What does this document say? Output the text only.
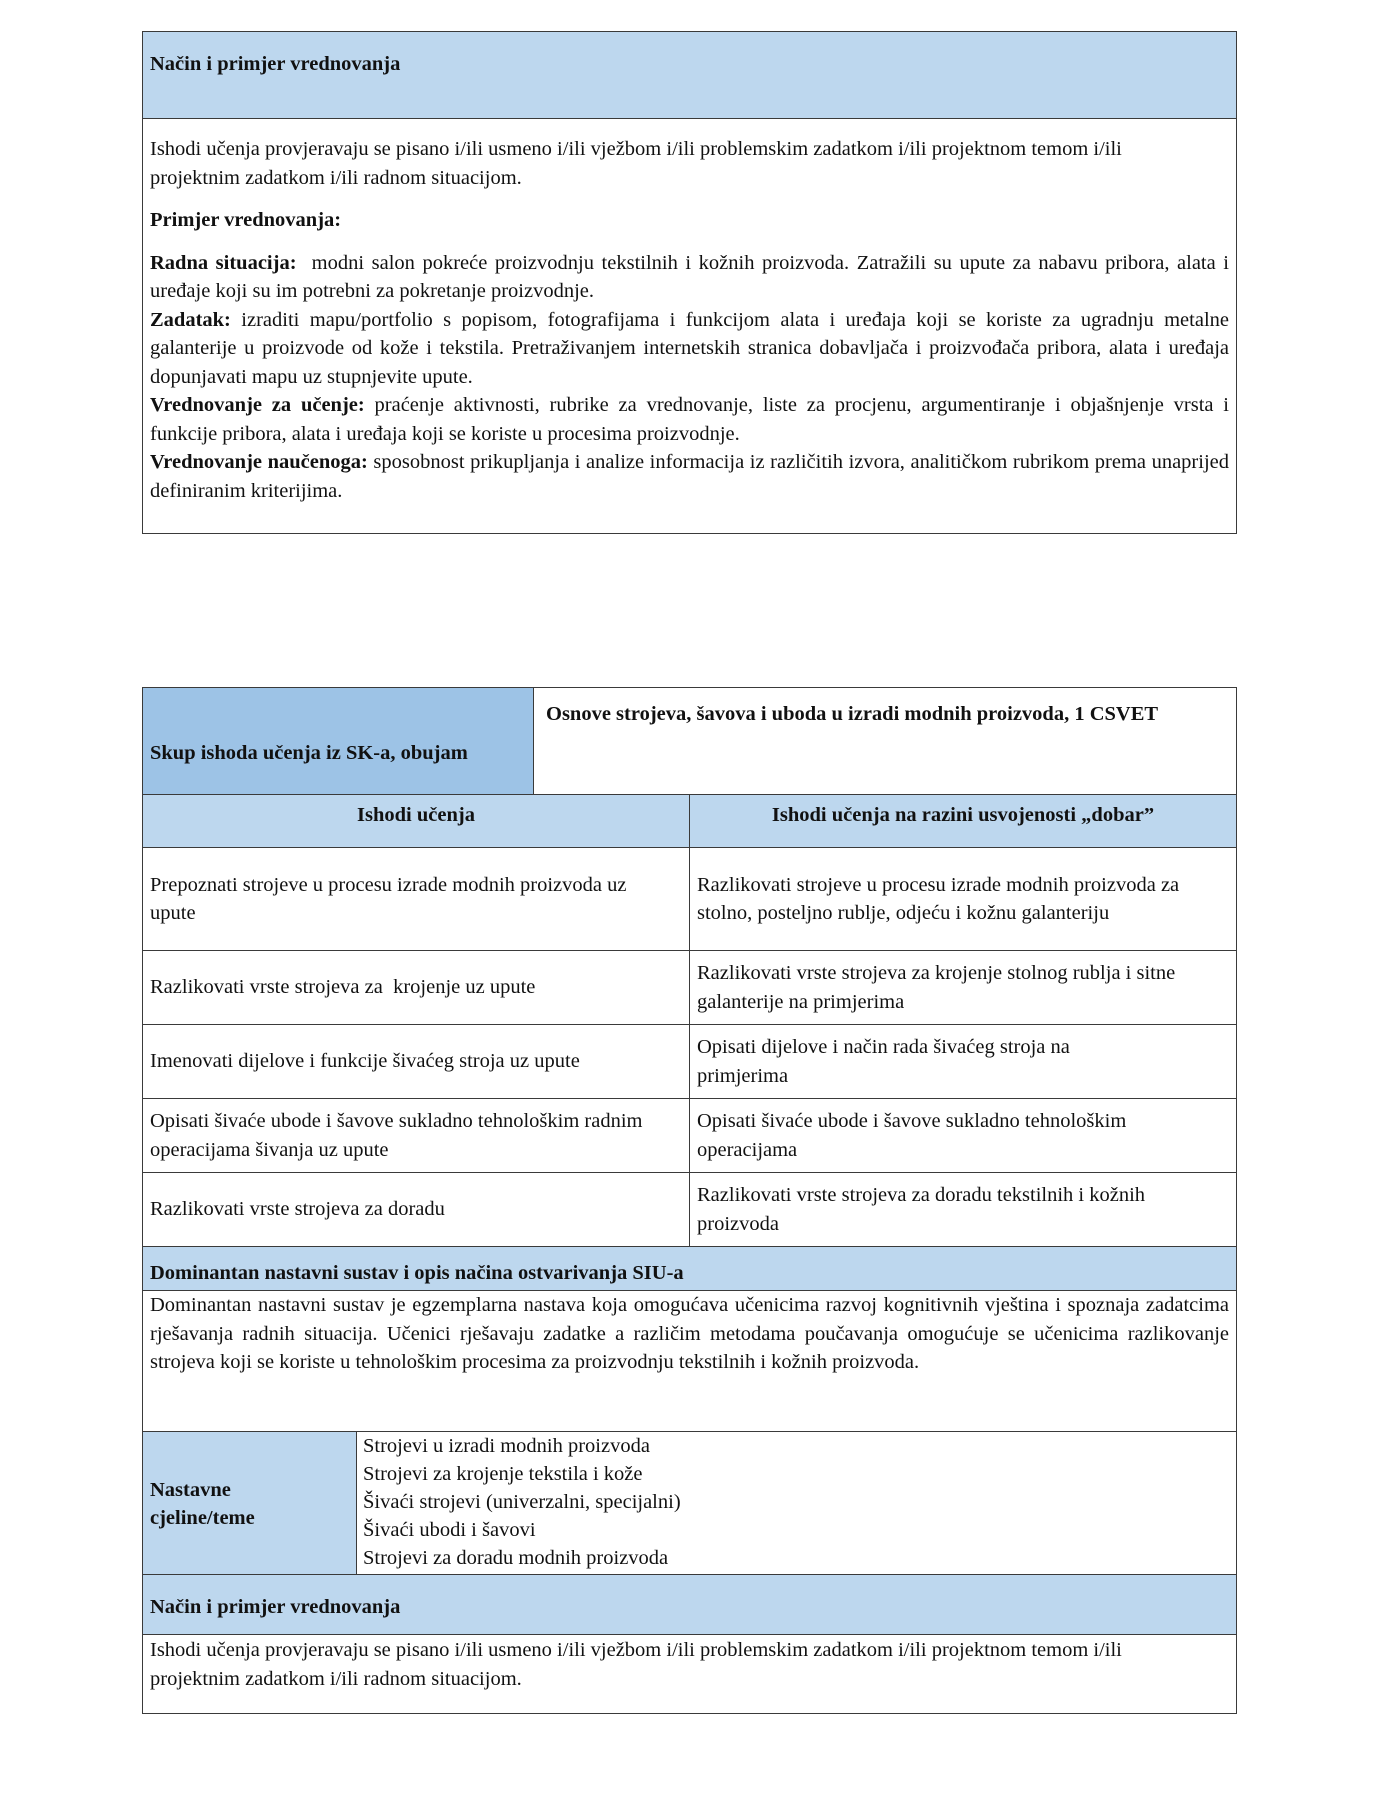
Način i primjer vrednovanja
Ishodi učenja provjeravaju se pisano i/ili usmeno i/ili vježbom i/ili problemskim zadatkom i/ili projektnom temom i/ili projektnim zadatkom i/ili radnom situacijom.
Primjer vrednovanja:
Radna situacija:  modni salon pokreće proizvodnju tekstilnih i kožnih proizvoda. Zatražili su upute za nabavu pribora, alata i uređaje koji su im potrebni za pokretanje proizvodnje.
Zadatak: izraditi mapu/portfolio s popisom, fotografijama i funkcijom alata i uređaja koji se koriste za ugradnju metalne galanterije u proizvode od kože i tekstila. Pretraživanjem internetskih stranica dobavljača i proizvođača pribora, alata i uređaja dopunjavati mapu uz stupnjevite upute.
Vrednovanje za učenje: praćenje aktivnosti, rubrike za vrednovanje, liste za procjenu, argumentiranje i objašnjenje vrsta i funkcije pribora, alata i uređaja koji se koriste u procesima proizvodnje.
Vrednovanje naučenoga: sposobnost prikupljanja i analize informacija iz različitih izvora, analitičkom rubrikom prema unaprijed definiranim kriterijima.
Skup ishoda učenja iz SK-a, obujam
Osnove strojeva, šavova i uboda u izradi modnih proizvoda, 1 CSVET
Ishodi učenja	Ishodi učenja na razini usvojenosti „dobar”
Prepoznati strojeve u procesu izrade modnih proizvoda uz upute
Razlikovati strojeve u procesu izrade modnih proizvoda za stolno, posteljno rublje, odjeću i kožnu galanteriju
Razlikovati vrste strojeva za  krojenje uz upute
Razlikovati vrste strojeva za krojenje stolnog rublja i sitne galanterije na primjerima
Imenovati dijelove i funkcije šivaćeg stroja uz upute
Opisati dijelove i način rada šivaćeg stroja na primjerima
Opisati šivaće ubode i šavove sukladno tehnološkim radnim operacijama šivanja uz upute
Opisati šivaće ubode i šavove sukladno tehnološkim operacijama
Razlikovati vrste strojeva za doradu
Razlikovati vrste strojeva za doradu tekstilnih i kožnih proizvoda
Dominantan nastavni sustav i opis načina ostvarivanja SIU-a
Dominantan nastavni sustav je egzemplarna nastava koja omogućava učenicima razvoj kognitivnih vještina i spoznaja zadatcima rješavanja radnih situacija. Učenici rješavaju zadatke a različim metodama poučavanja omogućuje se učenicima razlikovanje strojeva koji se koriste u tehnološkim procesima za proizvodnju tekstilnih i kožnih proizvoda.
Nastavne cjeline/teme
Strojevi u izradi modnih proizvoda
Strojevi za krojenje tekstila i kože
Šivaći strojevi (univerzalni, specijalni)
Šivaći ubodi i šavovi
Strojevi za doradu modnih proizvoda
Način i primjer vrednovanja
Ishodi učenja provjeravaju se pisano i/ili usmeno i/ili vježbom i/ili problemskim zadatkom i/ili projektnom temom i/ili projektnim zadatkom i/ili radnom situacijom.
